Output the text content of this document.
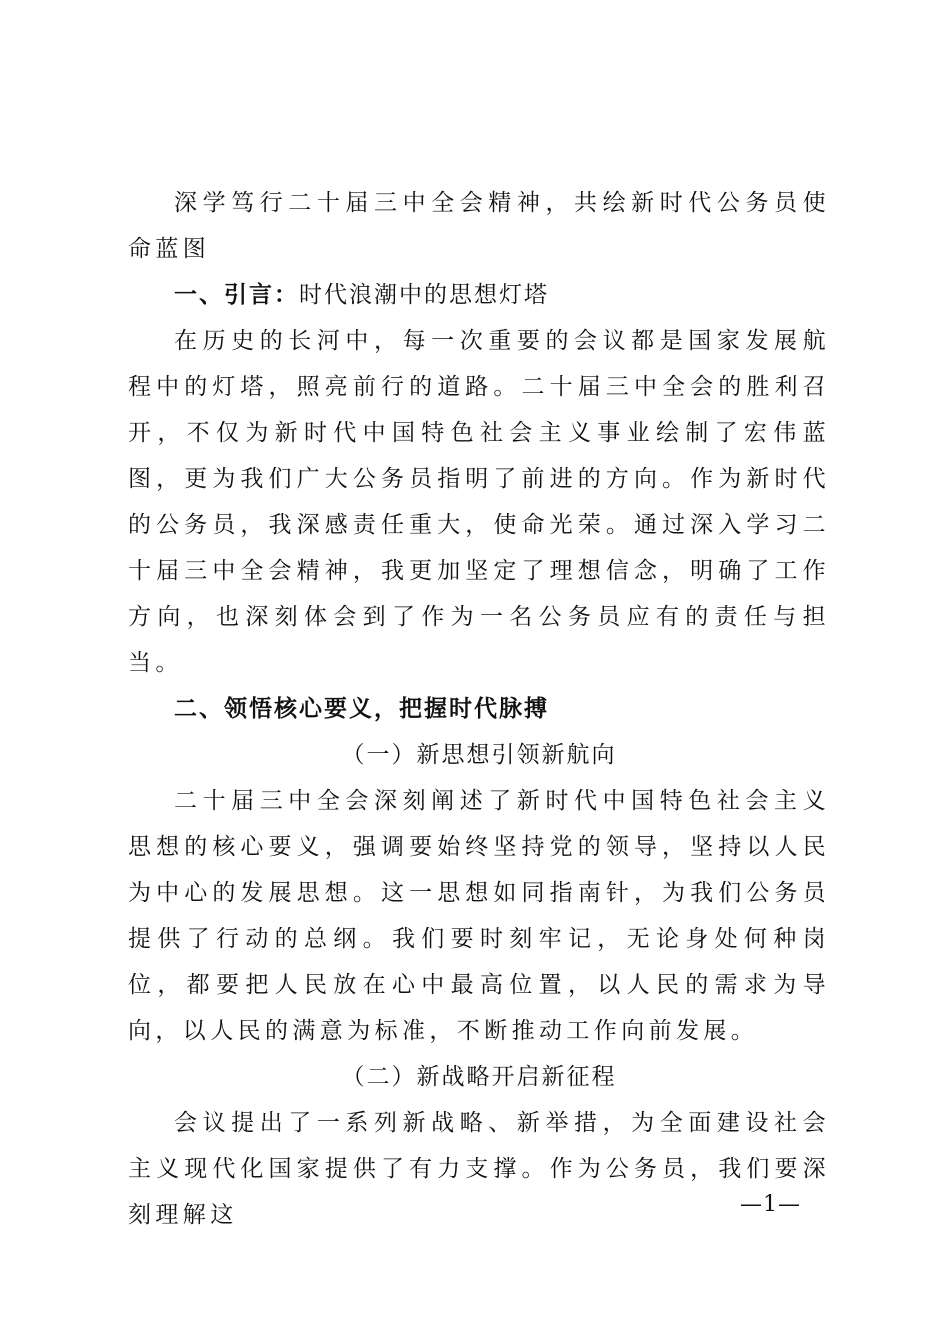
深学笃行二十届三中全会精神，共绘新时代公务员使命蓝图

一、引言：时代浪潮中的思想灯塔

在历史的长河中，每一次重要的会议都是国家发展航程中的灯塔，照亮前行的道路。二十届三中全会的胜利召开，不仅为新时代中国特色社会主义事业绘制了宏伟蓝图，更为我们广大公务员指明了前进的方向。作为新时代的公务员，我深感责任重大，使命光荣。通过深入学习二十届三中全会精神，我更加坚定了理想信念，明确了工作方向，也深刻体会到了作为一名公务员应有的责任与担当。

二、领悟核心要义，把握时代脉搏

（一）新思想引领新航向

二十届三中全会深刻阐述了新时代中国特色社会主义思想的核心要义，强调要始终坚持党的领导，坚持以人民为中心的发展思想。这一思想如同指南针，为我们公务员提供了行动的总纲。我们要时刻牢记，无论身处何种岗位，都要把人民放在心中最高位置，以人民的需求为导向，以人民的满意为标准，不断推动工作向前发展。

（二）新战略开启新征程

会议提出了一系列新战略、新举措，为全面建设社会主义现代化国家提供了有力支撑。作为公务员，我们要深刻理解这	—1—
